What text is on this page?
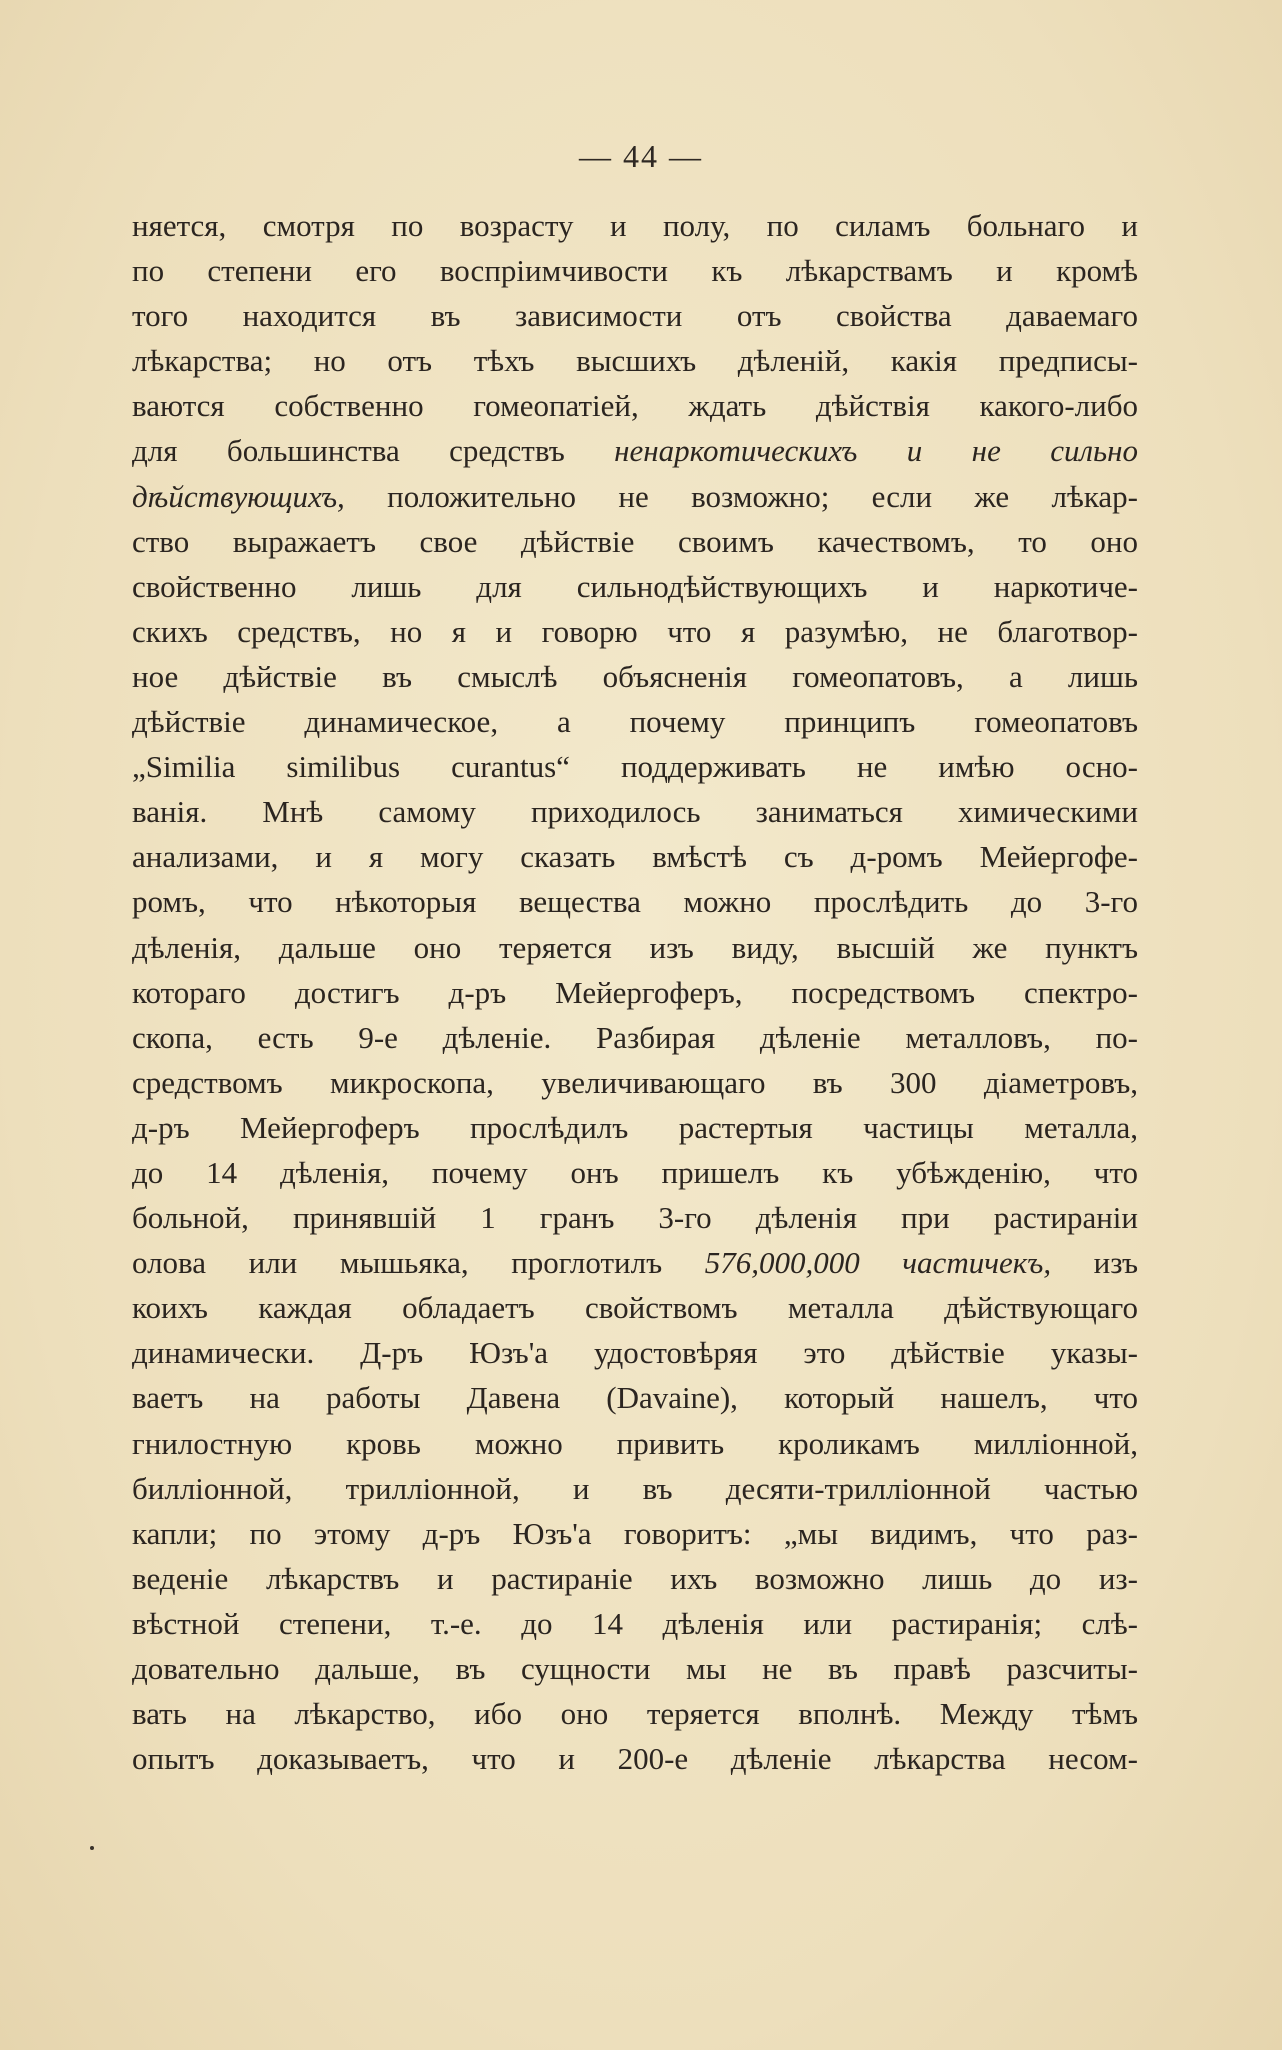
— 44 —
няется, смотря по возрасту и полу, по силамъ больнаго и
по степени его воспріимчивости къ лѣкарствамъ и кромѣ
того находится въ зависимости отъ свойства даваемаго
лѣкарства; но отъ тѣхъ высшихъ дѣленій, какія предписы-
ваются собственно гомеопатіей, ждать дѣйствія какого-либо
для большинства средствъ ненаркотическихъ и не сильно
дѣйствующихъ, положительно не возможно; если же лѣкар-
ство выражаетъ свое дѣйствіе своимъ качествомъ, то оно
свойственно лишь для сильнодѣйствующихъ и наркотиче-
скихъ средствъ, но я и говорю что я разумѣю, не благотвор-
ное дѣйствіе въ смыслѣ объясненія гомеопатовъ, а лишь
дѣйствіе динамическое, а почему принципъ гомеопатовъ
„Similia similibus curantus“ поддерживать не имѣю осно-
ванія. Мнѣ самому приходилось заниматься химическими
анализами, и я могу сказать вмѣстѣ съ д-ромъ Мейергофе-
ромъ, что нѣкоторыя вещества можно прослѣдить до 3-го
дѣленія, дальше оно теряется изъ виду, высшій же пунктъ
котораго достигъ д-ръ Мейергоферъ, посредствомъ спектро-
скопа, есть 9-е дѣленіе. Разбирая дѣленіе металловъ, по-
средствомъ микроскопа, увеличивающаго въ 300 діаметровъ,
д-ръ Мейергоферъ прослѣдилъ растертыя частицы металла,
до 14 дѣленія, почему онъ пришелъ къ убѣжденію, что
больной, принявшій 1 гранъ 3-го дѣленія при растираніи
олова или мышьяка, проглотилъ 576,000,000 частичекъ, изъ
коихъ каждая обладаетъ свойствомъ металла дѣйствующаго
динамически. Д-ръ Юзъ'а удостовѣряя это дѣйствіе указы-
ваетъ на работы Давена (Davaine), который нашелъ, что
гнилостную кровь можно привить кроликамъ милліонной,
билліонной, трилліонной, и въ десяти-трилліонной частью
капли; по этому д-ръ Юзъ'а говоритъ: „мы видимъ, что раз-
веденіе лѣкарствъ и растираніе ихъ возможно лишь до из-
вѣстной степени, т.-е. до 14 дѣленія или растиранія; слѣ-
довательно дальше, въ сущности мы не въ правѣ разсчиты-
вать на лѣкарство, ибо оно теряется вполнѣ. Между тѣмъ
опытъ доказываетъ, что и 200-е дѣленіе лѣкарства несом-
